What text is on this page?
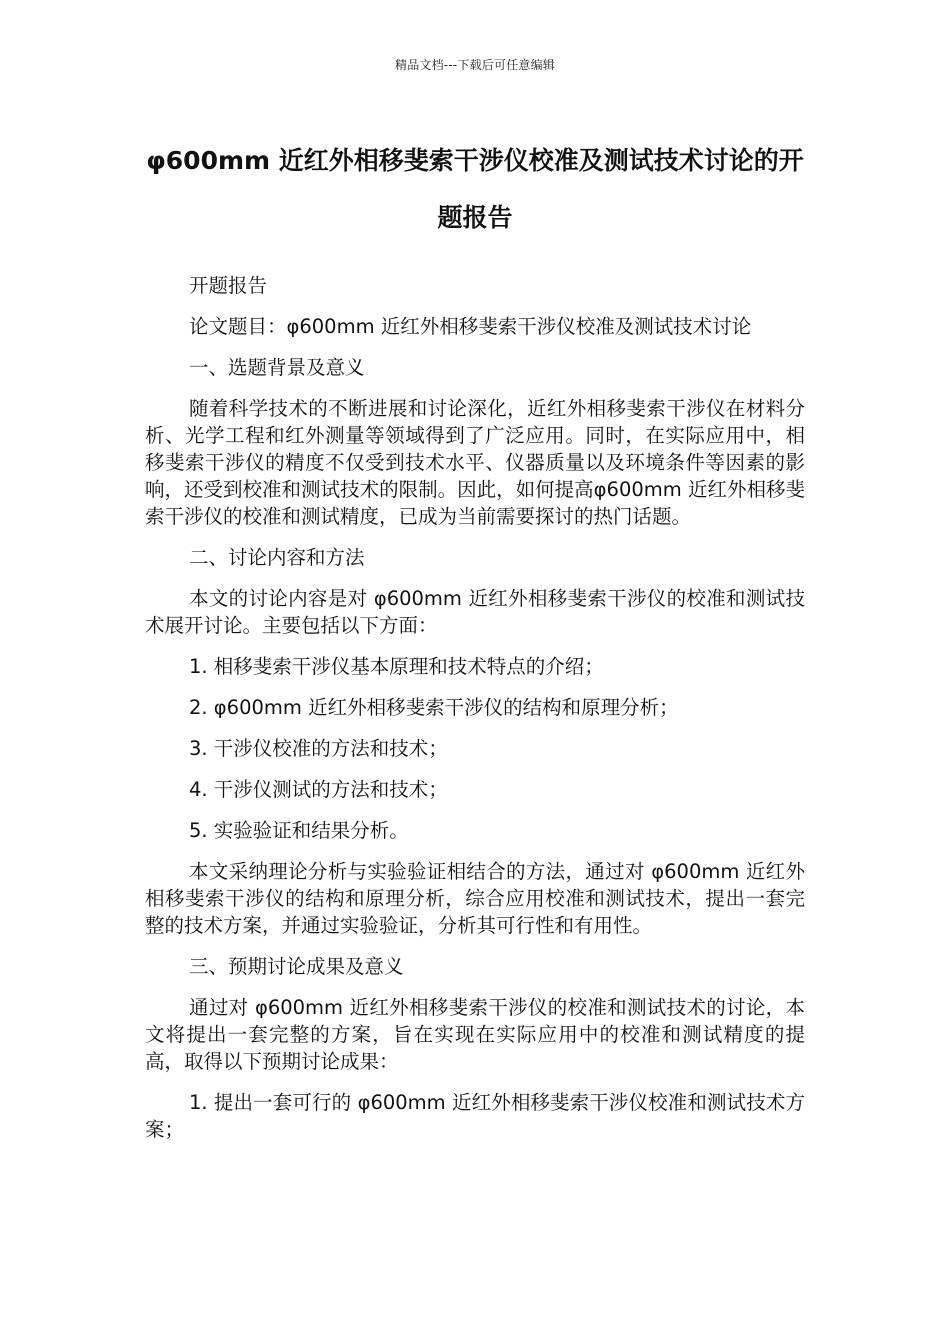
精品文档---下载后可任意编辑
φ600mm 近红外相移斐索干涉仪校准及测试技术讨论的开题报告

开题报告

论文题目：φ600mm 近红外相移斐索干涉仪校准及测试技术讨论

一、选题背景及意义

随着科学技术的不断进展和讨论深化，近红外相移斐索干涉仪在材料分析、光学工程和红外测量等领域得到了广泛应用。同时，在实际应用中，相移斐索干涉仪的精度不仅受到技术水平、仪器质量以及环境条件等因素的影响，还受到校准和测试技术的限制。因此，如何提高φ600mm 近红外相移斐索干涉仪的校准和测试精度，已成为当前需要探讨的热门话题。

二、讨论内容和方法

本文的讨论内容是对 φ600mm 近红外相移斐索干涉仪的校准和测试技术展开讨论。主要包括以下方面：

1. 相移斐索干涉仪基本原理和技术特点的介绍；

2. φ600mm 近红外相移斐索干涉仪的结构和原理分析；

3. 干涉仪校准的方法和技术；

4. 干涉仪测试的方法和技术；

5. 实验验证和结果分析。

本文采纳理论分析与实验验证相结合的方法，通过对 φ600mm 近红外相移斐索干涉仪的结构和原理分析，综合应用校准和测试技术，提出一套完整的技术方案，并通过实验验证，分析其可行性和有用性。

三、预期讨论成果及意义

通过对 φ600mm 近红外相移斐索干涉仪的校准和测试技术的讨论，本文将提出一套完整的方案，旨在实现在实际应用中的校准和测试精度的提高，取得以下预期讨论成果：

1. 提出一套可行的 φ600mm 近红外相移斐索干涉仪校准和测试技术方案；
